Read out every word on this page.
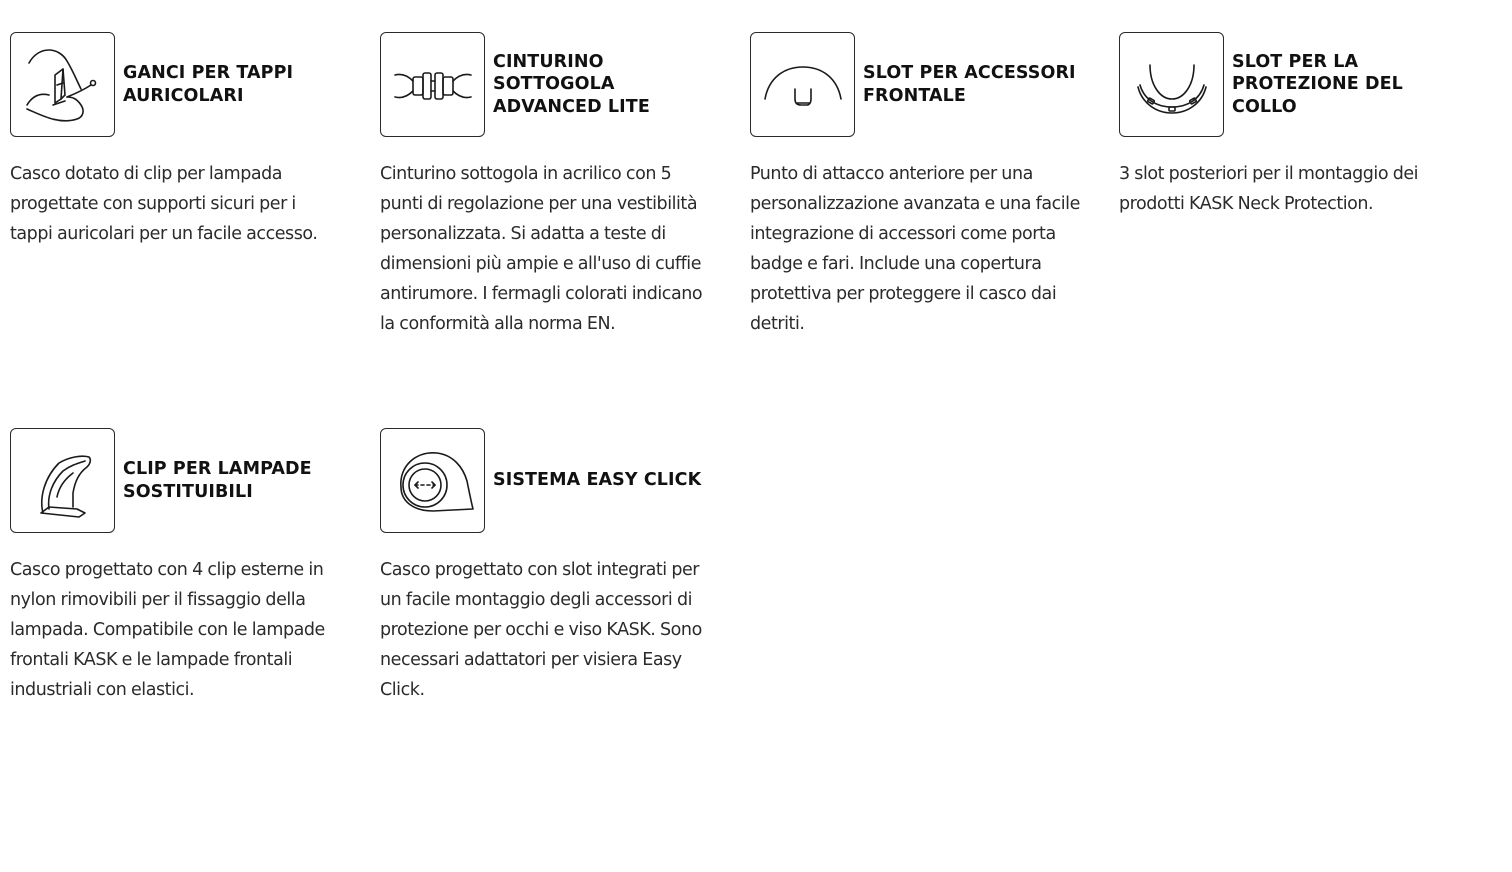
GANCI PER TAPPI AURICOLARI

Casco dotato di clip per lampada progettate con supporti sicuri per i tappi auricolari per un facile accesso.

CINTURINO SOTTOGOLA ADVANCED LITE

Cinturino sottogola in acrilico con 5 punti di regolazione per una vestibilità personalizzata. Si adatta a teste di dimensioni più ampie e all'uso di cuffie antirumore. I fermagli colorati indicano la conformità alla norma EN.

SLOT PER ACCESSORI FRONTALE

Punto di attacco anteriore per una personalizzazione avanzata e una facile integrazione di accessori come porta badge e fari. Include una copertura protettiva per proteggere il casco dai detriti.

SLOT PER LA PROTEZIONE DEL COLLO

3 slot posteriori per il montaggio dei prodotti KASK Neck Protection.

CLIP PER LAMPADE SOSTITUIBILI

Casco progettato con 4 clip esterne in nylon rimovibili per il fissaggio della lampada. Compatibile con le lampade frontali KASK e le lampade frontali industriali con elastici.

SISTEMA EASY CLICK

Casco progettato con slot integrati per un facile montaggio degli accessori di protezione per occhi e viso KASK. Sono necessari adattatori per visiera Easy Click.
